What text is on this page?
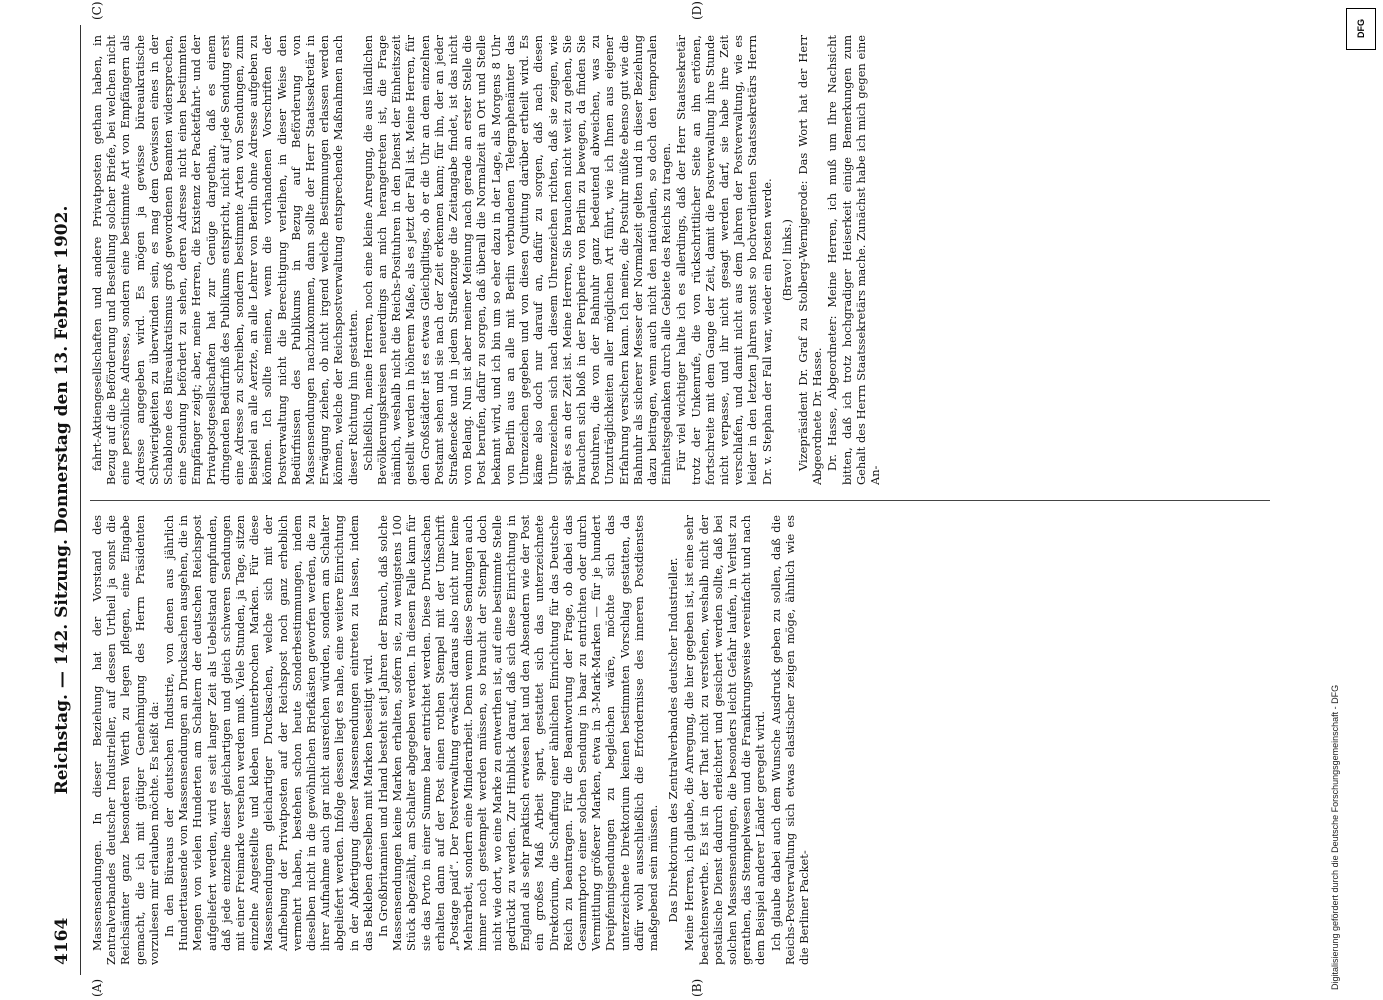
4164
Reichstag. — 142. Sitzung. Donnerstag den 13. Februar 1902.
(A)	(B)
(C)	(D)

Massensendungen. In dieser Beziehung hat der Vorstand des Zentralverbandes deutscher Industrieller, auf dessen Urtheil ja sonst die Reichsämter ganz besonderen Werth zu legen pflegen, eine Eingabe gemacht, die ich mit gütiger Genehmigung des Herrn Präsidenten vorzulesen mir erlauben möchte. Es heißt da: In den Büreaus der deutschen Industrie, von denen aus jährlich Hunderttausende von Massensendungen an Drucksachen ausgehen, die in Mengen von vielen Hunderten am Schaltern der deutschen Reichspost aufgeliefert werden, wird es seit langer Zeit als Uebelstand empfunden, daß jede einzelne dieser gleichartigen und gleich schweren Sendungen mit einer Freimarke versehen werden muß. Viele Stunden, ja Tage, sitzen einzelne Angestellte und kleben ununterbrochen Marken. Für diese Massensendungen gleichartiger Drucksachen, welche sich mit der Aufhebung der Privatposten auf der Reichspost noch ganz erheblich vermehrt haben, bestehen schon heute Sonderbestimmungen, indem dieselben nicht in die gewöhnlichen Briefkästen geworfen werden, die zu ihrer Aufnahme auch gar nicht ausreichen würden, sondern am Schalter abgeliefert werden. Infolge dessen liegt es nahe, eine weitere Einrichtung in der Abfertigung dieser Massensendungen eintreten zu lassen, indem das Bekleben derselben mit Marken beseitigt wird. In Großbritannien und Irland besteht seit Jahren der Brauch, daß solche Massensendungen keine Marken erhalten, sofern sie, zu wenigstens 100 Stück abgezählt, am Schalter abgegeben werden. In diesem Falle kann für sie das Porto in einer Summe baar entrichtet werden. Diese Drucksachen erhalten dann auf der Post einen rothen Stempel mit der Umschrift „Postage paid“. Der Postverwaltung erwächst daraus also nicht nur keine Mehrarbeit, sondern eine Minderarbeit. Denn wenn diese Sendungen auch immer noch gestempelt werden müssen, so braucht der Stempel doch nicht wie dort, wo eine Marke zu entwerthen ist, auf eine bestimmte Stelle gedrückt zu werden. Zur Hinblick darauf, daß sich diese Einrichtung in England als sehr praktisch erwiesen hat und den Absendern wie der Post ein großes Maß Arbeit spart, gestattet sich das unterzeichnete Direktorium, die Schaffung einer ähnlichen Einrichtung für das Deutsche Reich zu beantragen. Für die Beantwortung der Frage, ob dabei das Gesammtporto einer solchen Sendung in baar zu entrichten oder durch Vermittlung größerer Marken, etwa in 3-Mark-Marken — für je hundert Dreipfennigsendungen zu begleichen wäre, möchte sich das unterzeichnete Direktorium keinen bestimmten Vorschlag gestatten, da dafür wohl ausschließlich die Erfordernisse des inneren Postdienstes maßgebend sein müssen. Das Direktorium des Zentralverbandes deutscher Industrieller. Meine Herren, ich glaube, die Anregung, die hier gegeben ist, ist eine sehr beachtenswerthe. Es ist in der That nicht zu verstehen, weshalb nicht der postalische Dienst dadurch erleichtert und gesichert werden sollte, daß bei solchen Massensendungen, die besonders leicht Gefahr laufen, in Verlust zu gerathen, das Stempelwesen und die Frankirungsweise vereinfacht und nach dem Beispiel anderer Länder geregelt wird. Ich glaube dabei auch dem Wunsche Ausdruck geben zu sollen, daß die Reichs-Postverwaltung sich etwas elastischer zeigen möge, ähnlich wie es die Berliner Packet-

fahrt-Aktiengesellschaften und andere Privatposten gethan haben, in Bezug auf die Beförderung und Bestellung solcher Briefe, bei welchen nicht eine persönliche Adresse, sondern eine bestimmte Art von Empfängern als Adresse angegeben wird. Es mögen ja gewisse büreaukratische Schwierigkeiten zu überwinden sein, es mag dem Gewissen eines in der Schablone des Büreaukratismus groß gewordenen Beamten widersprechen, eine Sendung befördert zu sehen, deren Adresse nicht einen bestimmten Empfänger zeigt; aber, meine Herren, die Existenz der Packetfahrt- und der Privatpostgesellschaften hat zur Genüge dargethan, daß es einem dringenden Bedürfniß des Publikums entspricht, nicht auf jede Sendung erst eine Adresse zu schreiben, sondern bestimmte Arten von Sendungen, zum Beispiel an alle Aerzte, an alle Lehrer von Berlin ohne Adresse aufgeben zu können. Ich sollte meinen, wenn die vorhandenen Vorschriften der Postverwaltung nicht die Berechtigung verleihen, in dieser Weise den Bedürfnissen des Publikums in Bezug auf Beförderung von Massensendungen nachzukommen, dann sollte der Herr Staatssekretär in Erwägung ziehen, ob nicht irgend welche Bestimmungen erlassen werden können, welche der Reichspostverwaltung entsprechende Maßnahmen nach dieser Richtung hin gestatten. Schließlich, meine Herren, noch eine kleine Anregung, die aus ländlichen Bevölkerungskreisen neuerdings an mich herangetreten ist, die Frage nämlich, weshalb nicht die Reichs-Posituhren in den Dienst der Einheitszeit gestellt werden in höherem Maße, als es jetzt der Fall ist. Meine Herren, für den Großstädter ist es etwas Gleichgiltiges, ob er die Uhr an dem einzelnen Postamt sehen und sie nach der Zeit erkennen kann; für ihn, der an jeder Straßenecke und in jedem Straßenzuge die Zeitangabe findet, ist das nicht von Belang. Nun ist aber meiner Meinung nach gerade an erster Stelle die Post berufen, dafür zu sorgen, daß überall die Normalzeit an Ort und Stelle bekannt wird, und ich bin um so eher dazu in der Lage, als Morgens 8 Uhr von Berlin aus an alle mit Berlin verbundenen Telegraphenämter das Uhrenzeichen gegeben und von diesen Quittung darüber ertheilt wird. Es käme also doch nur darauf an, dafür zu sorgen, daß nach diesen Uhrenzeichen sich nach diesem Uhrenzeichen richten, daß sie zeigen, wie spät es an der Zeit ist. Meine Herren, Sie brauchen nicht weit zu gehen, Sie brauchen sich bloß in der Peripherie von Berlin zu bewegen, da finden Sie Postuhren, die von der Bahnuhr ganz bedeutend abweichen, was zu Unzuträglichkeiten aller möglichen Art führt, wie ich Ihnen aus eigener Erfahrung versichern kann. Ich meine, die Postuhr müßte ebenso gut wie die Bahnuhr als sicherer Messer der Normalzeit gelten und in dieser Beziehung dazu beitragen, wenn auch nicht den nationalen, so doch den temporalen Einheitsgedanken durch alle Gebiete des Reichs zu tragen. Für viel wichtiger halte ich es allerdings, daß der Herr Staatssekretär trotz der Unkenrufe, die von rückschrittlicher Seite an ihn ertönen, fortschreite mit dem Gange der Zeit, damit die Postverwaltung ihre Stunde nicht verpasse, und ihr nicht gesagt werden darf, sie habe ihre Zeit verschlafen, und damit nicht aus dem Jahren der Postverwaltung, wie es leider in den letzten Jahren sonst so hochverdienten Staatssekretärs Herrn Dr. v. Stephan der Fall war, wieder ein Posten werde. (Bravo! links.) Vizepräsident Dr. Graf zu Stolberg-Wernigerode: Das Wort hat der Herr Abgeordnete Dr. Hasse. Dr. Hasse, Abgeordneter: Meine Herren, ich muß um Ihre Nachsicht bitten, daß ich trotz hochgradiger Heiserkeit einige Bemerkungen zum Gehalt des Herrn Staatssekretärs mache. Zunächst habe ich mich gegen eine An-

DFG
Digitalisierung gefördert durch die Deutsche Forschungsgemeinschaft - DFG
